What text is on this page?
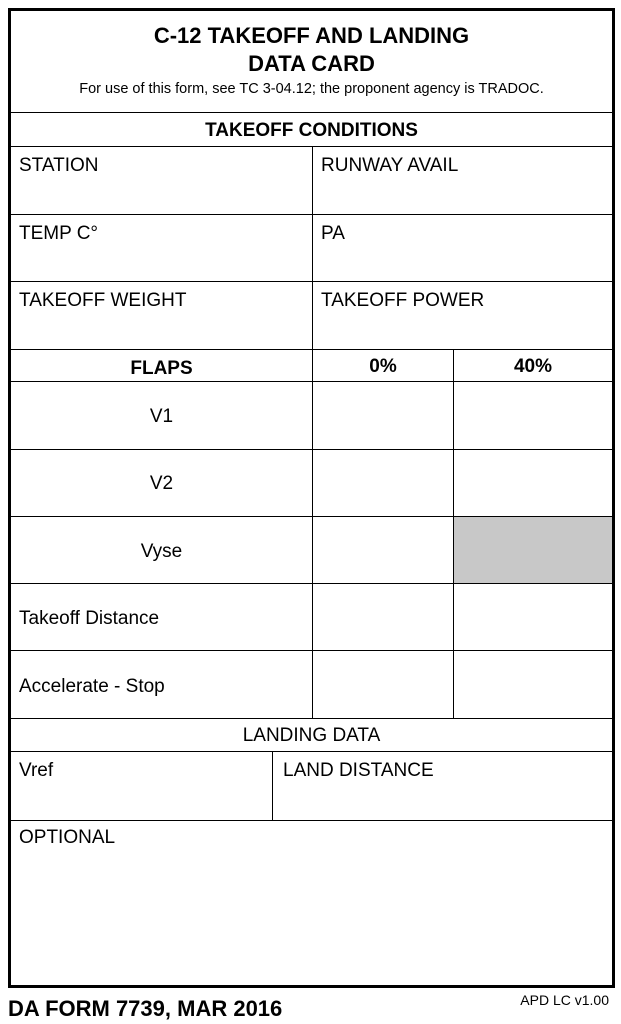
C-12 TAKEOFF AND LANDING
DATA CARD
For use of this form, see TC 3-04.12; the proponent agency is TRADOC.
TAKEOFF CONDITIONS
STATION	RUNWAY AVAIL
TEMP C°	PA
TAKEOFF WEIGHT	TAKEOFF POWER
FLAPS	0%	40%
V1
V2
Vyse
Takeoff Distance
Accelerate - Stop
LANDING DATA
Vref	LAND DISTANCE
OPTIONAL
DA FORM 7739, MAR 2016	APD LC v1.00
